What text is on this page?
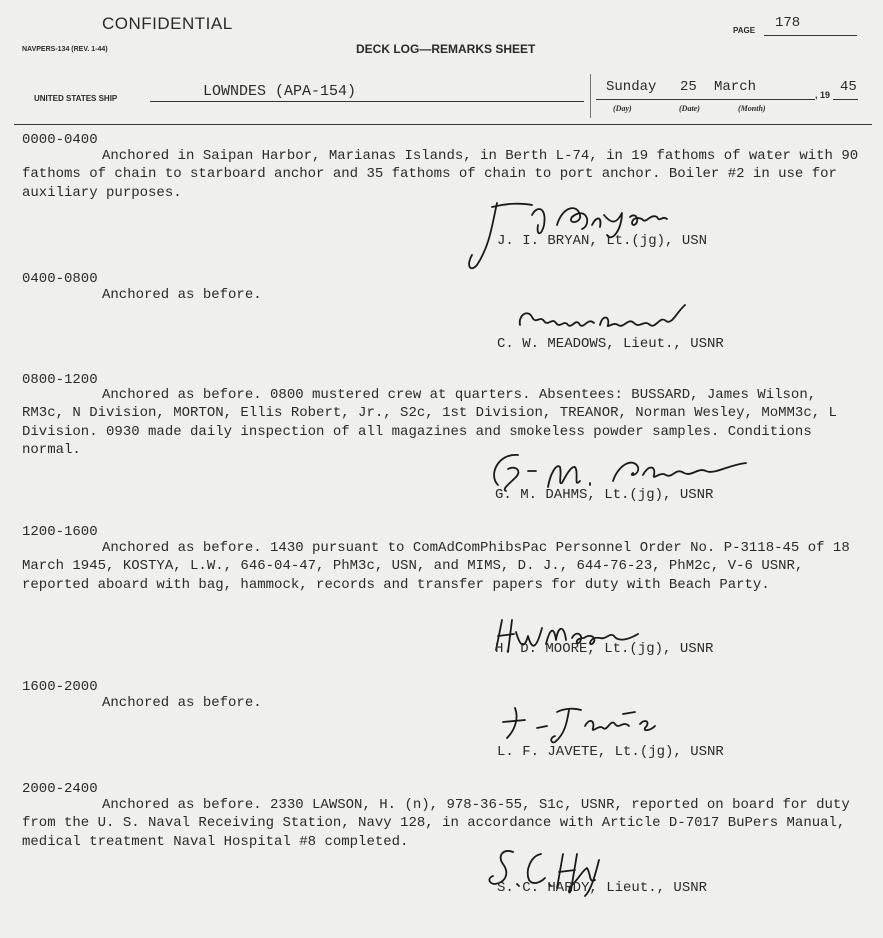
CONFIDENTIAL	PAGE 178
NAVPERS-134 (REV. 1-44)	DECK LOG—REMARKS SHEET
UNITED STATES SHIP	LOWNDES (APA-154)	Sunday 25 March
(Day)	(Date)	(Month)
, 19 45
0000-0400
Anchored in Saipan Harbor, Marianas Islands, in Berth L-74, in 19 fathoms of water with 90 fathoms of chain to starboard anchor and 35 fathoms of chain to port anchor. Boiler #2 in use for auxiliary purposes.
J. I. BRYAN, Lt.(jg), USN
0400-0800
Anchored as before.
C. W. MEADOWS, Lieut., USNR
0800-1200
Anchored as before. 0800 mustered crew at quarters. Absentees: BUSSARD, James Wilson, RM3c, N Division, MORTON, Ellis Robert, Jr., S2c, 1st Division, TREANOR, Norman Wesley, MoMM3c, L Division. 0930 made daily inspection of all magazines and smokeless powder samples. Conditions normal.
G. M. DAHMS, Lt.(jg), USNR
1200-1600
Anchored as before. 1430 pursuant to ComAdComPhibsPac Personnel Order No. P-3118-45 of 18 March 1945, KOSTYA, L.W., 646-04-47, PhM3c, USN, and MIMS, D. J., 644-76-23, PhM2c, V-6 USNR, reported aboard with bag, hammock, records and transfer papers for duty with Beach Party.
H. D. MOORE, Lt.(jg), USNR
1600-2000
Anchored as before.
L. F. JAVETE, Lt.(jg), USNR
2000-2400
Anchored as before. 2330 LAWSON, H. (n), 978-36-55, S1c, USNR, reported on board for duty from the U. S. Naval Receiving Station, Navy 128, in accordance with Article D-7017 BuPers Manual, medical treatment Naval Hospital #8 completed.
S. C. HARDY, Lieut., USNR
